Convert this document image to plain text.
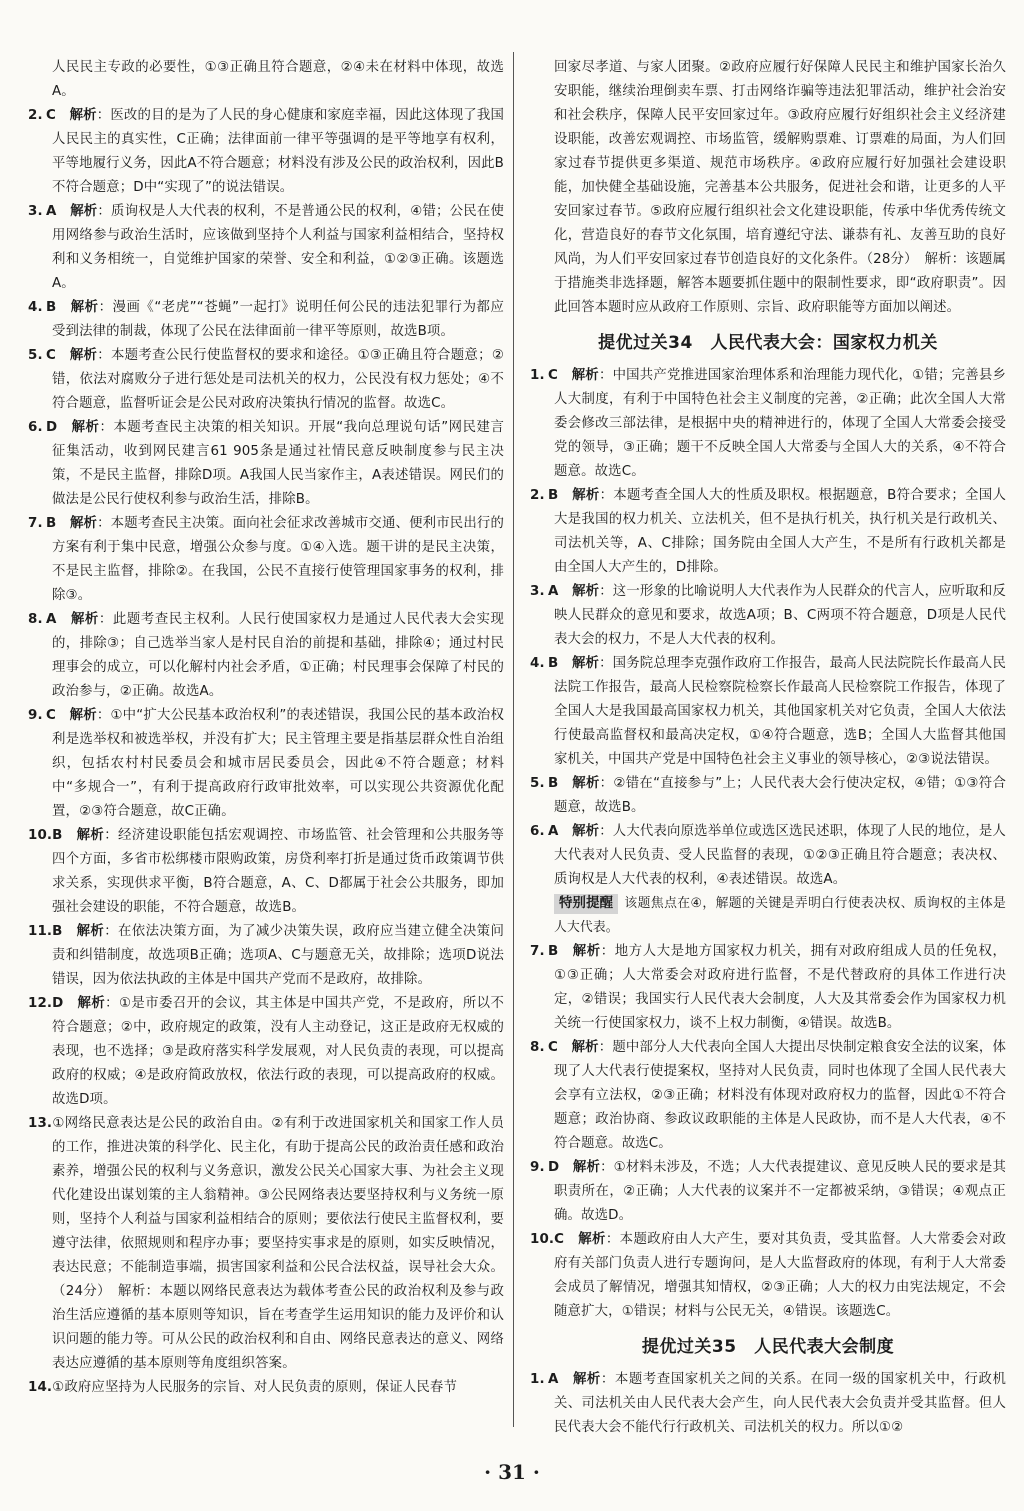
人民民主专政的必要性，①③正确且符合题意，②④未在材料中体现，故选A。

2. C　 解析：医改的目的是为了人民的身心健康和家庭幸福，因此这体现了我国人民民主的真实性，C正确；法律面前一律平等强调的是平等地享有权利，平等地履行义务，因此A不符合题意；材料没有涉及公民的政治权利，因此B不符合题意；D中“实现了”的说法错误。

3. A　 解析：质询权是人大代表的权利，不是普通公民的权利，④错；公民在使用网络参与政治生活时，应该做到坚持个人利益与国家利益相结合，坚持权利和义务相统一，自觉维护国家的荣誉、安全和利益，①②③正确。该题选A。

4. B　 解析：漫画《“老虎”“苍蝇”一起打》说明任何公民的违法犯罪行为都应受到法律的制裁，体现了公民在法律面前一律平等原则，故选B项。

5. C　 解析：本题考查公民行使监督权的要求和途径。①③正确且符合题意；②错，依法对腐败分子进行惩处是司法机关的权力，公民没有权力惩处；④不符合题意，监督听证会是公民对政府决策执行情况的监督。故选C。

6. D　 解析：本题考查民主决策的相关知识。开展“我向总理说句话”网民建言征集活动，收到网民建言61 905条是通过社情民意反映制度参与民主决策，不是民主监督，排除D项。A我国人民当家作主，A表述错误。网民们的做法是公民行使权利参与政治生活，排除B。

7. B　 解析：本题考查民主决策。面向社会征求改善城市交通、便利市民出行的方案有利于集中民意，增强公众参与度。①④入选。题干讲的是民主决策，不是民主监督，排除②。在我国，公民不直接行使管理国家事务的权利，排除③。

8. A　 解析：此题考查民主权利。人民行使国家权力是通过人民代表大会实现的，排除③；自己选举当家人是村民自治的前提和基础，排除④；通过村民理事会的成立，可以化解村内社会矛盾，①正确；村民理事会保障了村民的政治参与，②正确。故选A。

9. C　 解析：①中“扩大公民基本政治权利”的表述错误，我国公民的基本政治权利是选举权和被选举权，并没有扩大；民主管理主要是指基层群众性自治组织，包括农村村民委员会和城市居民委员会，因此④不符合题意；材料中“多规合一”，有利于提高政府行政审批效率，可以实现公共资源优化配置，②③符合题意，故C正确。

10.B　 解析：经济建设职能包括宏观调控、市场监管、社会管理和公共服务等四个方面，多省市松绑楼市限购政策，房贷利率打折是通过货币政策调节供求关系，实现供求平衡，B符合题意，A、C、D都属于社会公共服务，即加强社会建设的职能，不符合题意，故选B。

11.B　 解析：在依法决策方面，为了减少决策失误，政府应当建立健全决策问责和纠错制度，故选项B正确；选项A、C与题意无关，故排除；选项D说法错误，因为依法执政的主体是中国共产党而不是政府，故排除。

12.D　 解析：①是市委召开的会议，其主体是中国共产党，不是政府，所以不符合题意；②中，政府规定的政策，没有人主动登记，这正是政府无权威的表现，也不选择；③是政府落实科学发展观，对人民负责的表现，可以提高政府的权威；④是政府简政放权，依法行政的表现，可以提高政府的权威。故选D项。

13.①网络民意表达是公民的政治自由。②有利于改进国家机关和国家工作人员的工作，推进决策的科学化、民主化，有助于提高公民的政治责任感和政治素养，增强公民的权利与义务意识，激发公民关心国家大事、为社会主义现代化建设出谋划策的主人翁精神。③公民网络表达要坚持权利与义务统一原则，坚持个人利益与国家利益相结合的原则；要依法行使民主监督权利，要遵守法律，依照规则和程序办事；要坚持实事求是的原则，如实反映情况，表达民意；不能制造事端，损害国家利益和公民合法权益，误导社会大众。（24分）　解析：本题以网络民意表达为载体考查公民的政治权利及参与政治生活应遵循的基本原则等知识，旨在考查学生运用知识的能力及评价和认识问题的能力等。可从公民的政治权利和自由、网络民意表达的意义、网络表达应遵循的基本原则等角度组织答案。

14.①政府应坚持为人民服务的宗旨、对人民负责的原则，保证人民春节

回家尽孝道、与家人团聚。②政府应履行好保障人民民主和维护国家长治久安职能，继续治理倒卖车票、打击网络诈骗等违法犯罪活动，维护社会治安和社会秩序，保障人民平安回家过年。③政府应履行好组织社会主义经济建设职能，改善宏观调控、市场监管，缓解购票难、订票难的局面，为人们回家过春节提供更多渠道、规范市场秩序。④政府应履行好加强社会建设职能，加快健全基础设施，完善基本公共服务，促进社会和谐，让更多的人平安回家过春节。⑤政府应履行组织社会文化建设职能，传承中华优秀传统文化，营造良好的春节文化氛围，培育遵纪守法、谦恭有礼、友善互助的良好风尚，为人们平安回家过春节创造良好的文化条件。（28分）　解析：该题属于措施类非选择题，解答本题要抓住题中的限制性要求，即“政府职责”。因此回答本题时应从政府工作原则、宗旨、政府职能等方面加以阐述。

提优过关34　人民代表大会：国家权力机关

1. C　 解析：中国共产党推进国家治理体系和治理能力现代化，①错；完善县乡人大制度，有利于中国特色社会主义制度的完善，②正确；此次全国人大常委会修改三部法律，是根据中央的精神进行的，体现了全国人大常委会接受党的领导，③正确；题干不反映全国人大常委与全国人大的关系，④不符合题意。故选C。

2. B　 解析：本题考查全国人大的性质及职权。根据题意，B符合要求；全国人大是我国的权力机关、立法机关，但不是执行机关，执行机关是行政机关、司法机关等，A、C排除；国务院由全国人大产生，不是所有行政机关都是由全国人大产生的，D排除。

3. A　 解析：这一形象的比喻说明人大代表作为人民群众的代言人，应听取和反映人民群众的意见和要求，故选A项；B、C两项不符合题意，D项是人民代表大会的权力，不是人大代表的权利。

4. B　 解析：国务院总理李克强作政府工作报告，最高人民法院院长作最高人民法院工作报告，最高人民检察院检察长作最高人民检察院工作报告，体现了全国人大是我国最高国家权力机关，其他国家机关对它负责，全国人大依法行使最高监督权和最高决定权，①④符合题意，选B；全国人大监督其他国家机关，中国共产党是中国特色社会主义事业的领导核心，②③说法错误。

5. B　 解析：②错在“直接参与”上；人民代表大会行使决定权，④错；①③符合题意，故选B。

6. A　 解析：人大代表向原选举单位或选区选民述职，体现了人民的地位，是人大代表对人民负责、受人民监督的表现，①②③正确且符合题意；表决权、质询权是人大代表的权利，④表述错误。故选A。

特别提醒 该题焦点在④，解题的关键是弄明白行使表决权、质询权的主体是人大代表。

7. B　 解析：地方人大是地方国家权力机关，拥有对政府组成人员的任免权，①③正确；人大常委会对政府进行监督，不是代替政府的具体工作进行决定，②错误；我国实行人民代表大会制度，人大及其常委会作为国家权力机关统一行使国家权力，谈不上权力制衡，④错误。故选B。

8. C　 解析：题中部分人大代表向全国人大提出尽快制定粮食安全法的议案，体现了人大代表行使提案权，坚持对人民负责，同时也体现了全国人民代表大会享有立法权，②③正确；材料没有体现对政府权力的监督，因此①不符合题意；政治协商、参政议政职能的主体是人民政协，而不是人大代表，④不符合题意。故选C。

9. D　 解析：①材料未涉及，不选；人大代表提建议、意见反映人民的要求是其职责所在，②正确；人大代表的议案并不一定都被采纳，③错误；④观点正确。故选D。

10.C　 解析：本题政府由人大产生，要对其负责，受其监督。人大常委会对政府有关部门负责人进行专题询问，是人大监督政府的体现，有利于人大常委会成员了解情况，增强其知情权，②③正确；人大的权力由宪法规定，不会随意扩大，①错误；材料与公民无关，④错误。该题选C。

提优过关35　人民代表大会制度

1. A　 解析：本题考查国家机关之间的关系。在同一级的国家机关中，行政机关、司法机关由人民代表大会产生，向人民代表大会负责并受其监督。但人民代表大会不能代行行政机关、司法机关的权力。所以①②

· 31 ·
